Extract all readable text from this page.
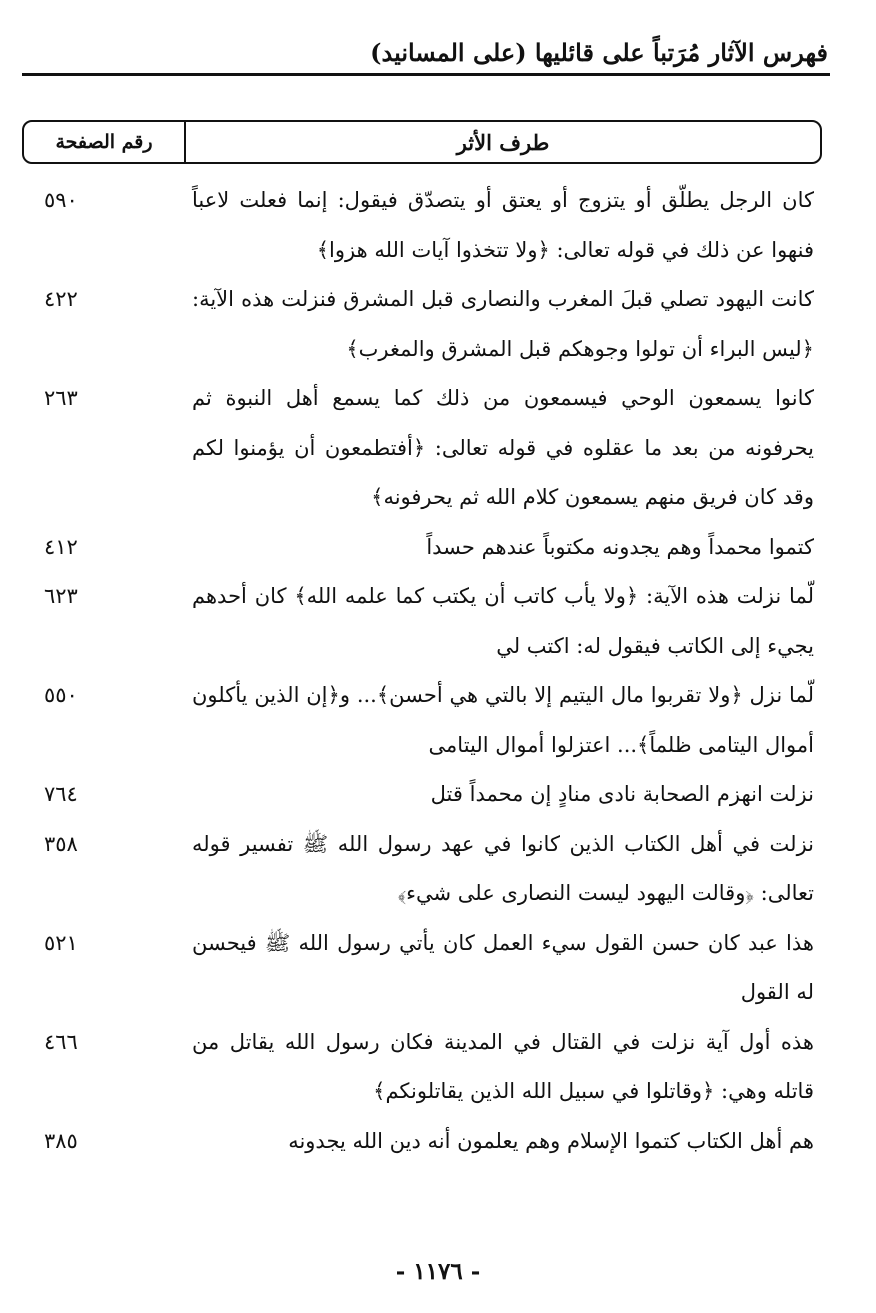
فهرس الآثار مُرَتباً على قائليها (على المسانيد)
طرف الأثر
رقم الصفحة
كان الرجل يطلّق أو يتزوج أو يعتق أو يتصدّق فيقول: إنما فعلت لاعباً فنهوا عن ذلك في قوله تعالى: ﴿ولا تتخذوا آيات الله هزوا﴾
٥٩٠
كانت اليهود تصلي قبلَ المغرب والنصارى قبل المشرق فنزلت هذه الآية: ﴿ليس البراء أن تولوا وجوهكم قبل المشرق والمغرب﴾
٤٢٢
كانوا يسمعون الوحي فيسمعون من ذلك كما يسمع أهل النبوة ثم يحرفونه من بعد ما عقلوه في قوله تعالى: ﴿أفتطمعون أن يؤمنوا لكم وقد كان فريق منهم يسمعون كلام الله ثم يحرفونه﴾
٢٦٣
كتموا محمداً وهم يجدونه مكتوباً عندهم حسداً
٤١٢
لّما نزلت هذه الآية: ﴿ولا يأب كاتب أن يكتب كما علمه الله﴾ كان أحدهم يجيء إلى الكاتب فيقول له: اكتب لي
٦٢٣
لّما نزل ﴿ولا تقربوا مال اليتيم إلا بالتي هي أحسن﴾... و﴿إن الذين يأكلون أموال اليتامى ظلماً﴾... اعتزلوا أموال اليتامى
٥٥٠
نزلت انهزم الصحابة نادى منادٍ إن محمداً قتل
٧٦٤
نزلت في أهل الكتاب الذين كانوا في عهد رسول الله ﷺ تفسير قوله تعالى: ﴿وقالت اليهود ليست النصارى على شيء﴾
٣٥٨
هذا عبد كان حسن القول سيء العمل كان يأتي رسول الله ﷺ فيحسن له القول
٥٢١
هذه أول آية نزلت في القتال في المدينة فكان رسول الله يقاتل من قاتله وهي: ﴿وقاتلوا في سبيل الله الذين يقاتلونكم﴾
٤٦٦
هم أهل الكتاب كتموا الإسلام وهم يعلمون أنه دين الله يجدونه
٣٨٥
- ١١٧٦ -
